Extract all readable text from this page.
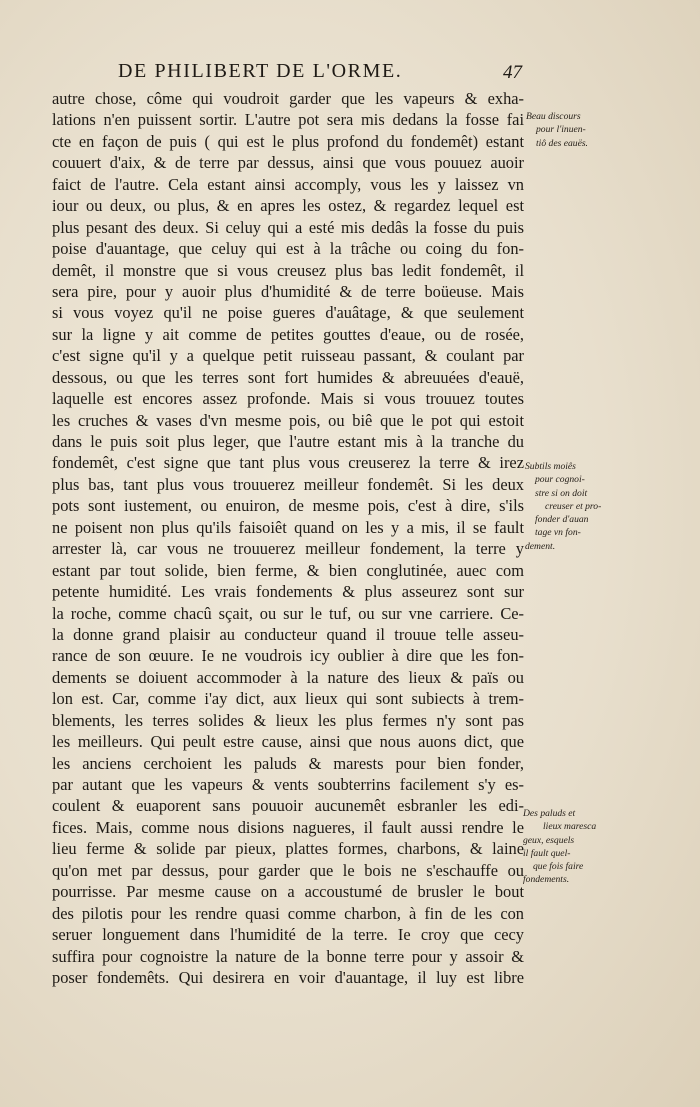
DE PHILIBERT DE L'ORME.	47
autre chose, côme qui voudroit garder que les vapeurs & exha-
lations n'en puissent sortir. L'autre pot sera mis dedans la fosse fai
cte en façon de puis ( qui est le plus profond du fondemêt) estant
couuert d'aix, & de terre par dessus, ainsi que vous pouuez auoir
faict de l'autre. Cela estant ainsi accomply, vous les y laissez vn
iour ou deux, ou plus, & en apres les ostez, & regardez lequel est
plus pesant des deux. Si celuy qui a esté mis dedâs la fosse du puis
poise d'auantage, que celuy qui est à la trâche ou coing du fon-
demêt, il monstre que si vous creusez plus bas ledit fondemêt, il
sera pire, pour y auoir plus d'humidité & de terre boüeuse. Mais
si vous voyez qu'il ne poise gueres d'auâtage, & que seulement
sur la ligne y ait comme de petites gouttes d'eaue, ou de rosée,
c'est signe qu'il y a quelque petit ruisseau passant, & coulant par
dessous, ou que les terres sont fort humides & abreuuées d'eauë,
laquelle est encores assez profonde. Mais si vous trouuez toutes
les cruches & vases d'vn mesme pois, ou biê que le pot qui estoit
dans le puis soit plus leger, que l'autre estant mis à la tranche du
fondemêt, c'est signe que tant plus vous creuserez la terre & irez
plus bas, tant plus vous trouuerez meilleur fondemêt. Si les deux
pots sont iustement, ou enuiron, de mesme pois, c'est à dire, s'ils
ne poisent non plus qu'ils faisoiêt quand on les y a mis, il se fault
arrester là, car vous ne trouuerez meilleur fondement, la terre y
estant par tout solide, bien ferme, & bien conglutinée, auec com
petente humidité. Les vrais fondements & plus asseurez sont sur
la roche, comme chacû sçait, ou sur le tuf, ou sur vne carriere. Ce-
la donne grand plaisir au conducteur quand il trouue telle asseu-
rance de son œuure. Ie ne voudrois icy oublier à dire que les fon-
dements se doiuent accommoder à la nature des lieux & païs ou
lon est. Car, comme i'ay dict, aux lieux qui sont subiects à trem-
blements, les terres solides & lieux les plus fermes n'y sont pas
les meilleurs. Qui peult estre cause, ainsi que nous auons dict, que
les anciens cerchoient les paluds & marests pour bien fonder,
par autant que les vapeurs & vents soubterrins facilement s'y es-
coulent & euaporent sans pouuoir aucunemêt esbranler les edi-
fices. Mais, comme nous disions nagueres, il fault aussi rendre le
lieu ferme & solide par pieux, plattes formes, charbons, & laine
qu'on met par dessus, pour garder que le bois ne s'eschauffe ou
pourrisse. Par mesme cause on a accoustumé de brusler le bout
des pilotis pour les rendre quasi comme charbon, à fin de les con
seruer longuement dans l'humidité de la terre. Ie croy que cecy
suffira pour cognoistre la nature de la bonne terre pour y assoir &
poser fondemêts. Qui desirera en voir d'auantage, il luy est libre
Beau discours
pour l'inuen-
tiô des eauës.
Subtils moiês
pour cognoi-
stre si on doit
creuser et pro-
fonder d'auan
tage vn fon-
dement.
Des paluds et
lieux maresca
geux, esquels
il fault quel-
que fois faire
fondements.
